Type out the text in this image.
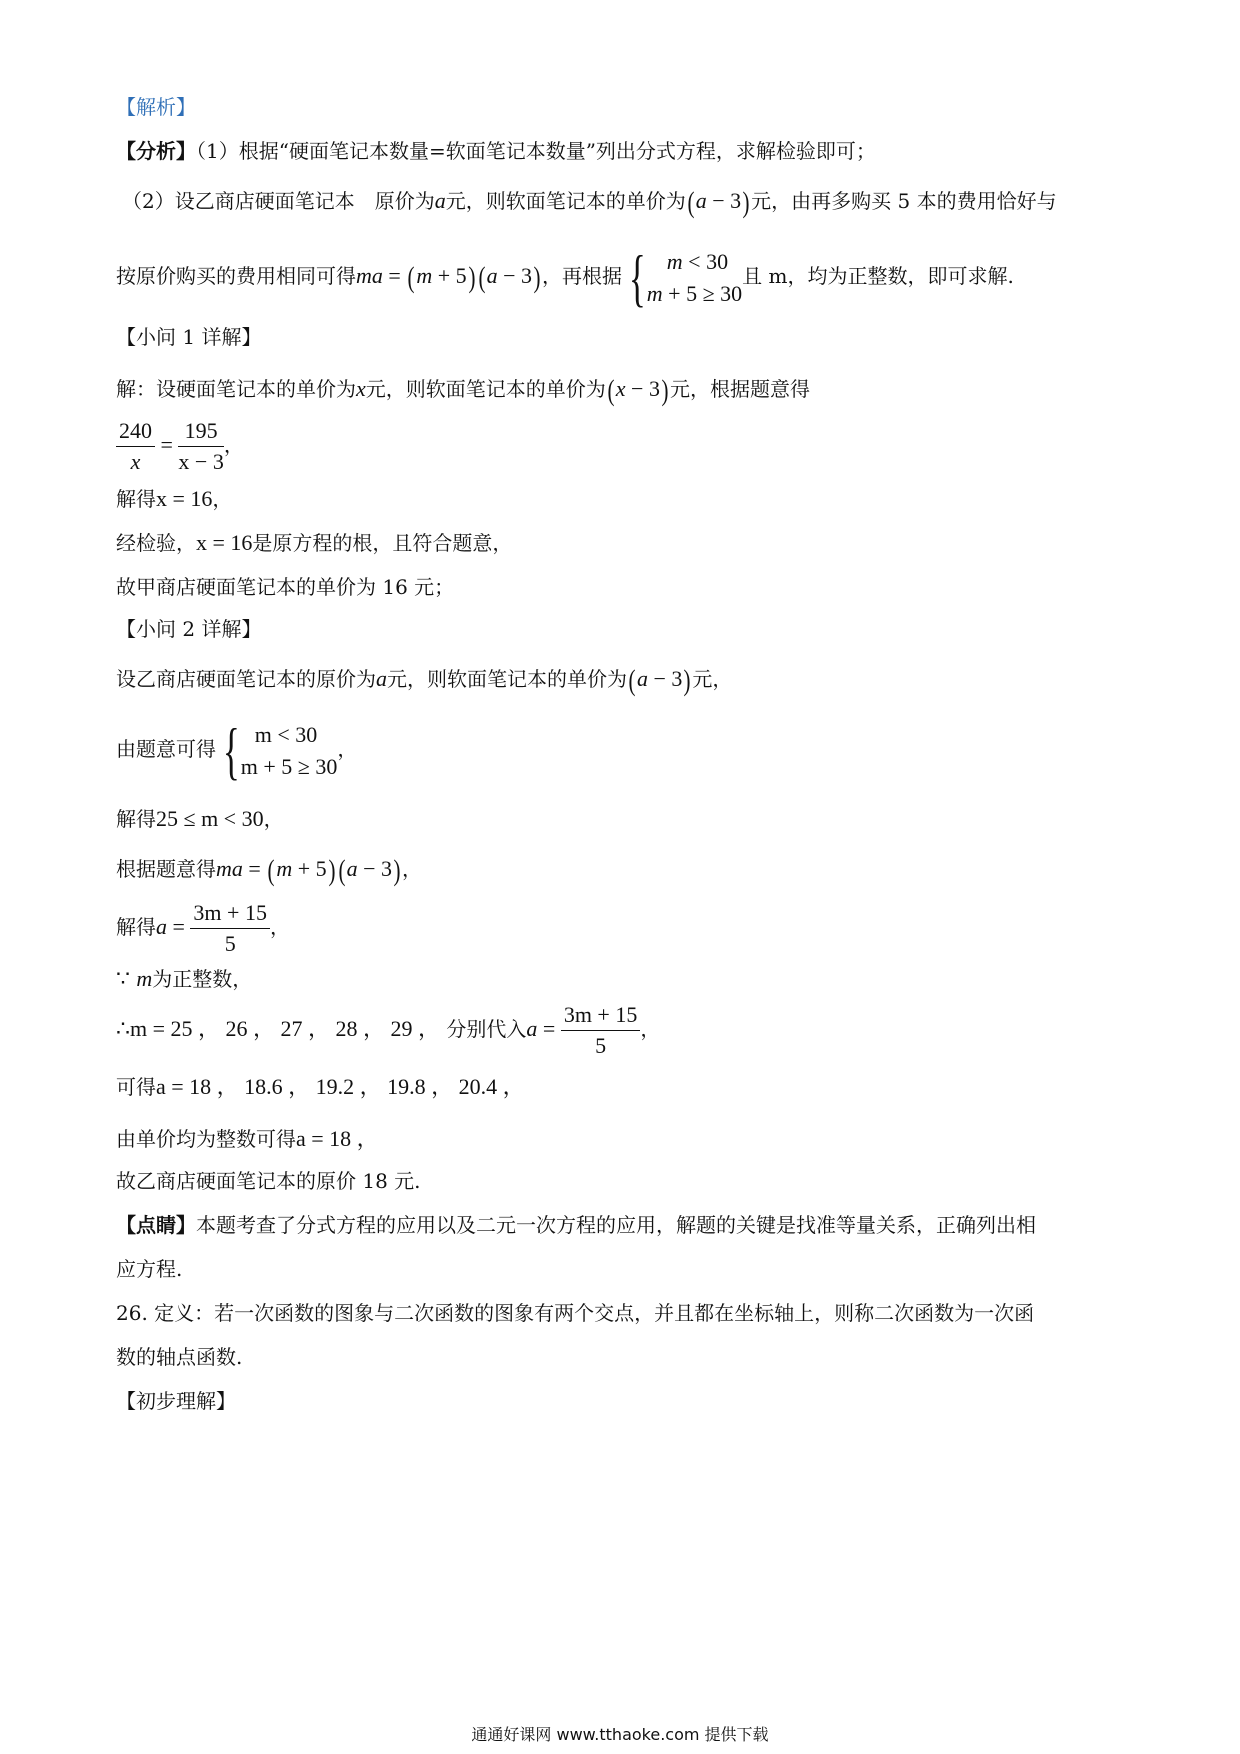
【解析】
【分析】（1）根据“硬面笔记本数量=软面笔记本数量”列出分式方程，求解检验即可；
（2）设乙商店硬面笔记本　原价为a元，则软面笔记本的单价为(a − 3)元，由再多购买 5 本的费用恰好与
按原价购买的费用相同可得ma = (m + 5) (a − 3)，再根据 { m < 30
m + 5 ≥ 30
且 m，均为正整数，即可求解.
【小问 1 详解】
解：设硬面笔记本的单价为x元，则软面笔记本的单价为(x − 3)元，根据题意得
$\frac{240}{x} = \frac{195}{x - 3}$ ，
解得x = 16，
经检验，x = 16是原方程的根，且符合题意，
故甲商店硬面笔记本的单价为 16 元；
【小问 2 详解】
设乙商店硬面笔记本的原价为a元，则软面笔记本的单价为(a − 3)元，
由题意可得 { m < 30
m + 5 ≥ 30
，
解得25 ≤ m < 30，
根据题意得ma = (m + 5) (a − 3)，
解得$a = \frac{3m + 15}{5}$ ，
∵ m为正整数，
∴m = 25 ， 26 ， 27 ， 28 ， 29 ， 分别代入$a = \frac{3m + 15}{5}$ ，
可得a = 18 ， 18.6 ， 19.2 ， 19.8 ， 20.4 ，
由单价均为整数可得a = 18 ，
故乙商店硬面笔记本的原价 18 元.
【点睛】本题考查了分式方程的应用以及二元一次方程的应用，解题的关键是找准等量关系，正确列出相
应方程.
26. 定义：若一次函数的图象与二次函数的图象有两个交点，并且都在坐标轴上，则称二次函数为一次函
数的轴点函数.
【初步理解】
通通好课网 www.tthaoke.com 提供下载
